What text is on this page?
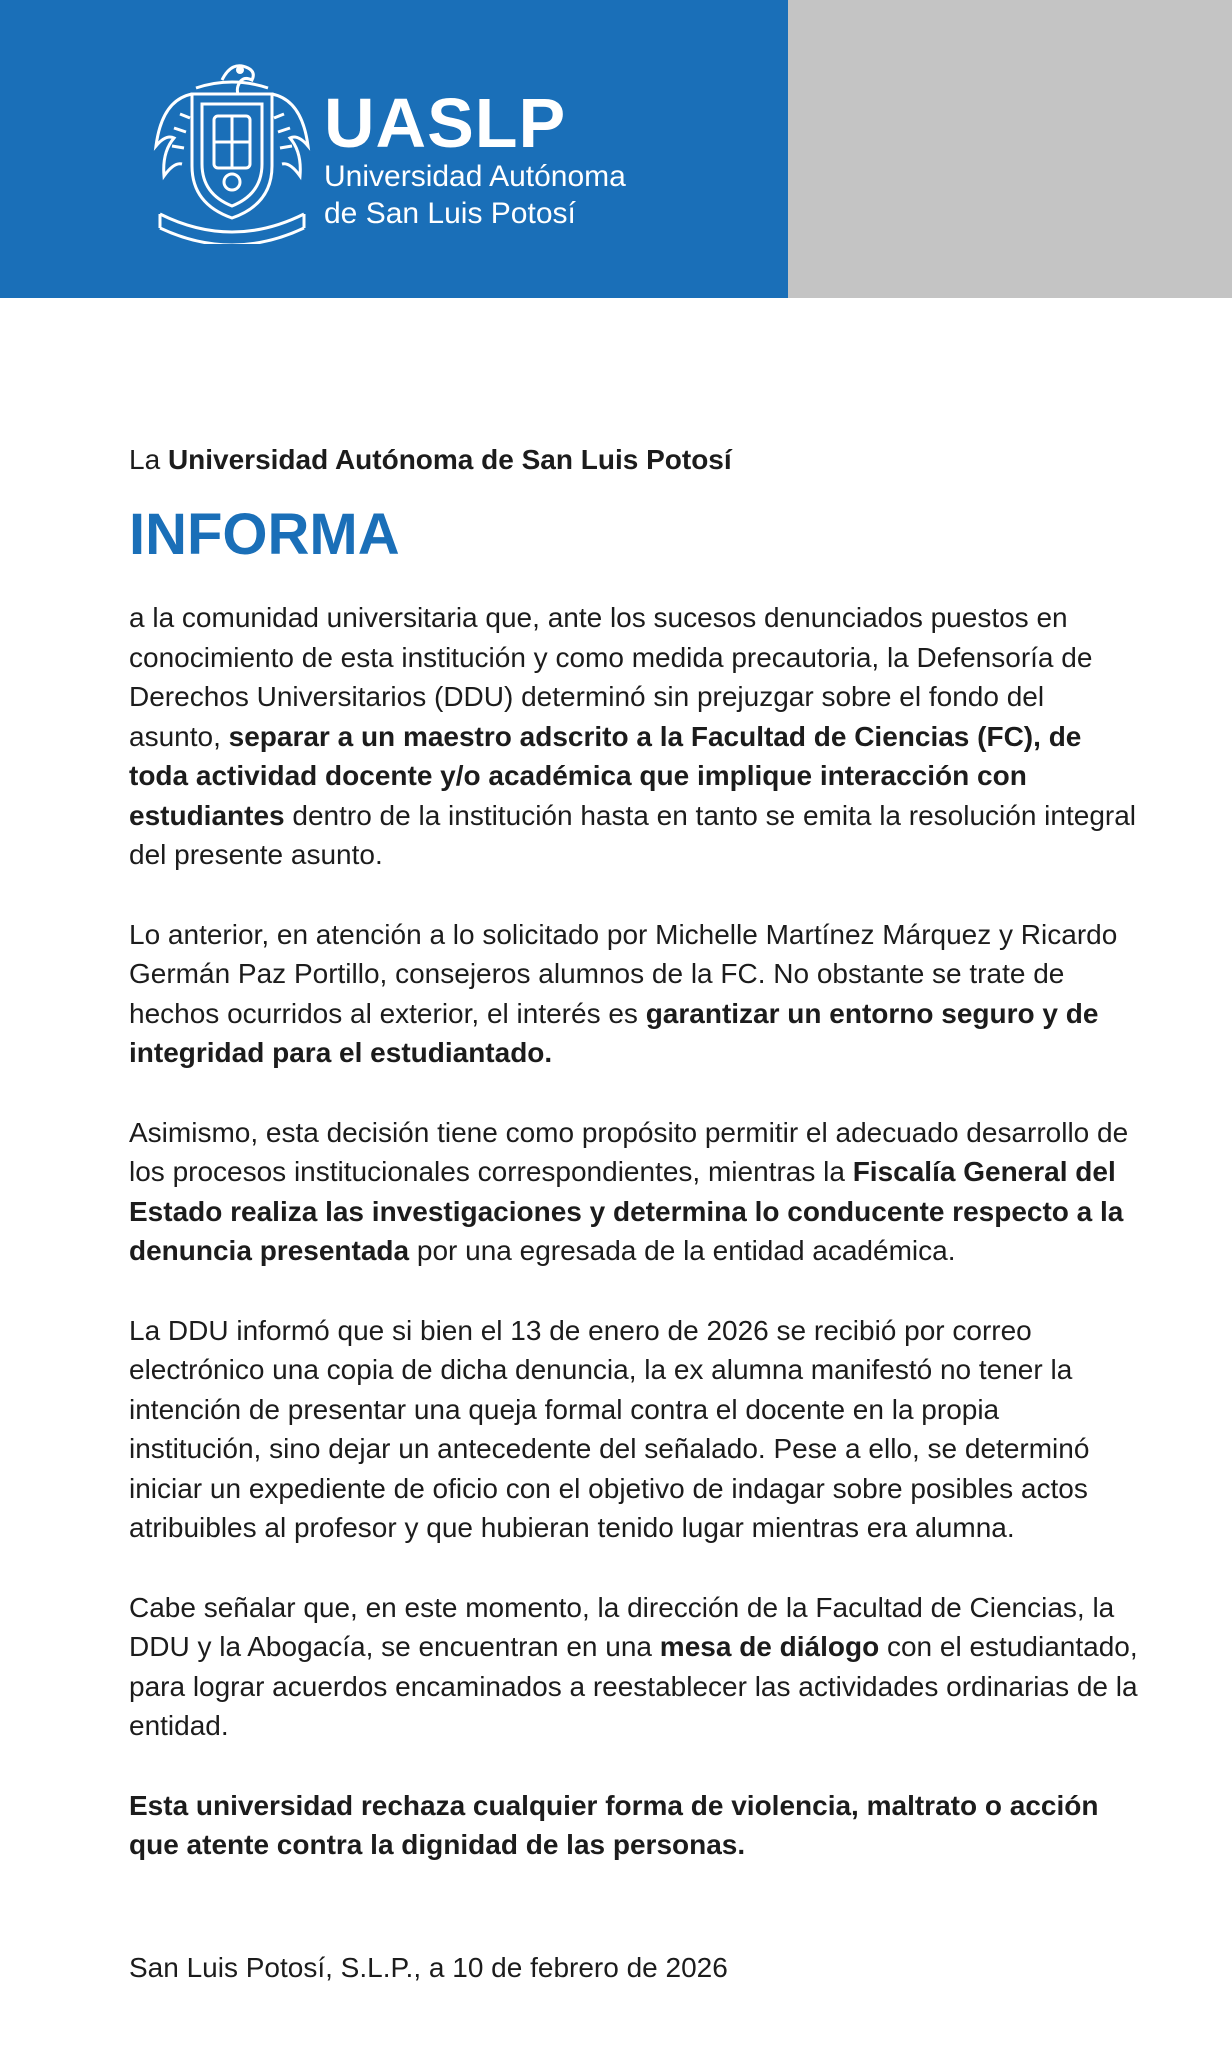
UASLP
Universidad Autónoma
de San Luis Potosí

La Universidad Autónoma de San Luis Potosí

INFORMA

a la comunidad universitaria que, ante los sucesos denunciados puestos en conocimiento de esta institución y como medida precautoria, la Defensoría de Derechos Universitarios (DDU) determinó sin prejuzgar sobre el fondo del asunto, separar a un maestro adscrito a la Facultad de Ciencias (FC), de toda actividad docente y/o académica que implique interacción con estudiantes dentro de la institución hasta en tanto se emita la resolución integral del presente asunto.

Lo anterior, en atención a lo solicitado por Michelle Martínez Márquez y Ricardo Germán Paz Portillo, consejeros alumnos de la FC. No obstante se trate de hechos ocurridos al exterior, el interés es garantizar un entorno seguro y de integridad para el estudiantado.

Asimismo, esta decisión tiene como propósito permitir el adecuado desarrollo de los procesos institucionales correspondientes, mientras la Fiscalía General del Estado realiza las investigaciones y determina lo conducente respecto a la denuncia presentada por una egresada de la entidad académica.

La DDU informó que si bien el 13 de enero de 2026 se recibió por correo electrónico una copia de dicha denuncia, la ex alumna manifestó no tener la intención de presentar una queja formal contra el docente en la propia institución, sino dejar un antecedente del señalado. Pese a ello, se determinó iniciar un expediente de oficio con el objetivo de indagar sobre posibles actos atribuibles al profesor y que hubieran tenido lugar mientras era alumna.

Cabe señalar que, en este momento, la dirección de la Facultad de Ciencias, la DDU y la Abogacía, se encuentran en una mesa de diálogo con el estudiantado, para lograr acuerdos encaminados a reestablecer las actividades ordinarias de la entidad.

Esta universidad rechaza cualquier forma de violencia, maltrato o acción que atente contra la dignidad de las personas.

San Luis Potosí, S.L.P., a 10 de febrero de 2026
